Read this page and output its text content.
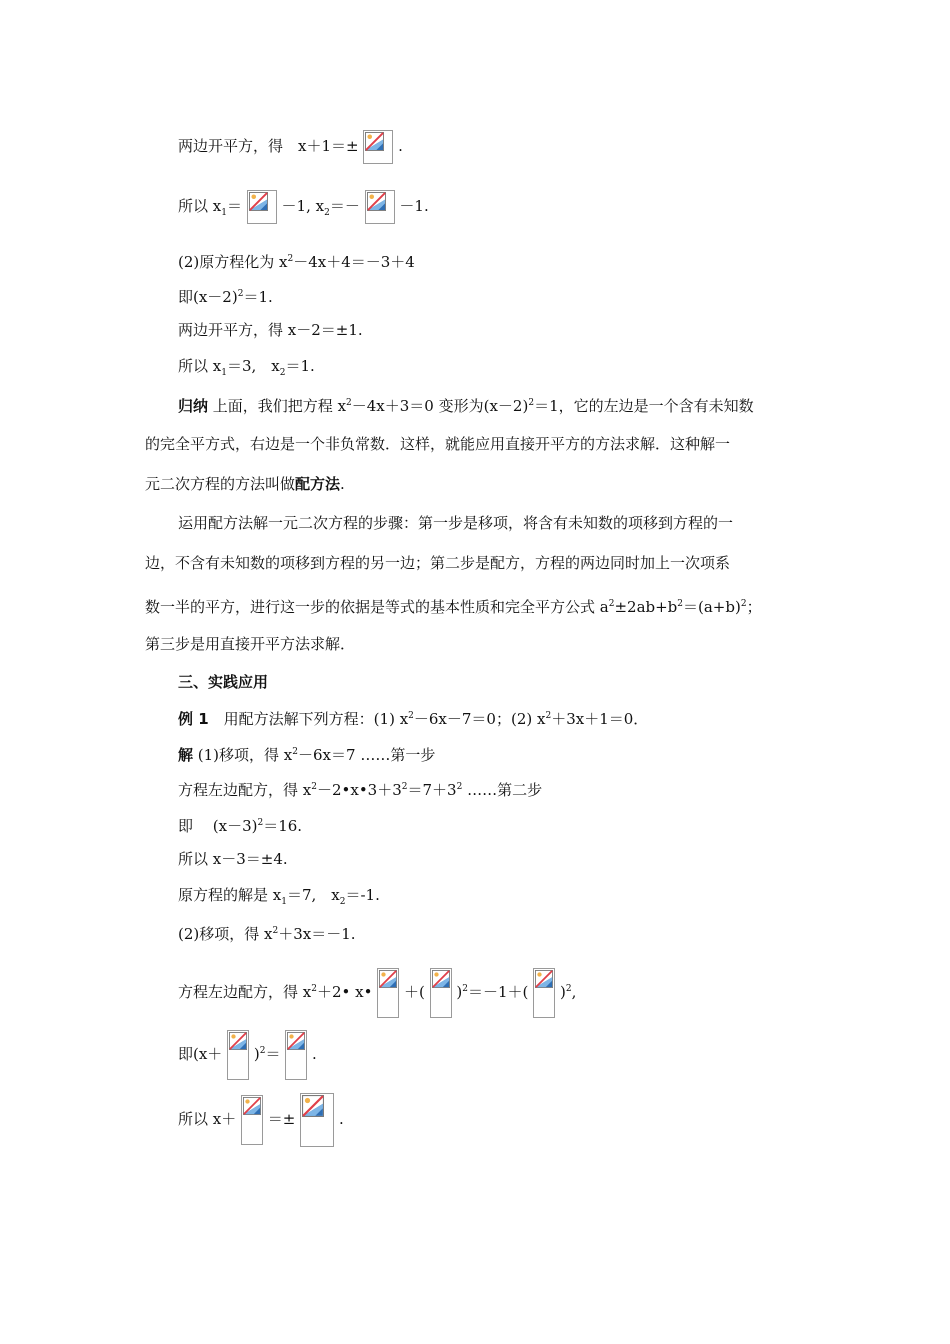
两边开平方，得　x＋1＝±	.
所以 $x_1=$	－1, $x_2=-$	－1.
(2)原方程化为 $x^2-4x+4=-3+4$
即$(x-2)^2=1$.
两边开平方，得 x－2＝±1.
所以 $x_1=3$,　$x_2=1$.
归纳 上面，我们把方程 $x^2-4x+3=0$ 变形为$(x-2)^2=1$，它的左边是一个含有未知数
的完全平方式，右边是一个非负常数．这样，就能应用直接开平方的方法求解．这种解一
元二次方程的方法叫做配方法.
运用配方法解一元二次方程的步骤：第一步是移项，将含有未知数的项移到方程的一
边，不含有未知数的项移到方程的另一边；第二步是配方，方程的两边同时加上一次项系
数一半的平方，进行这一步的依据是等式的基本性质和完全平方公式 $a^2\pm 2ab+b^2=(a+b)^2$；
第三步是用直接开平方法求解．
三、实践应用
例 1　用配方法解下列方程：(1) $x^2-6x-7=0$；(2) $x^2+3x+1=0$．
解 (1)移项，得 $x^2-6x=7$ ……第一步
方程左边配方，得 $x^2-2•x•3+3^2=7+3^2$ ……第二步
即　 $(x-3)^2=16$.
所以 x－3＝±4.
原方程的解是 $x_1=7$,　$x_2=-1$.
(2)移项，得 $x^2+3x=-1$.
方程左边配方，得 $x^2+2•$ x• ＋( )$^2$＝－1＋( )$^2$,
即$(x+ )^2=$ .
所以 x＋ ＝±	.
